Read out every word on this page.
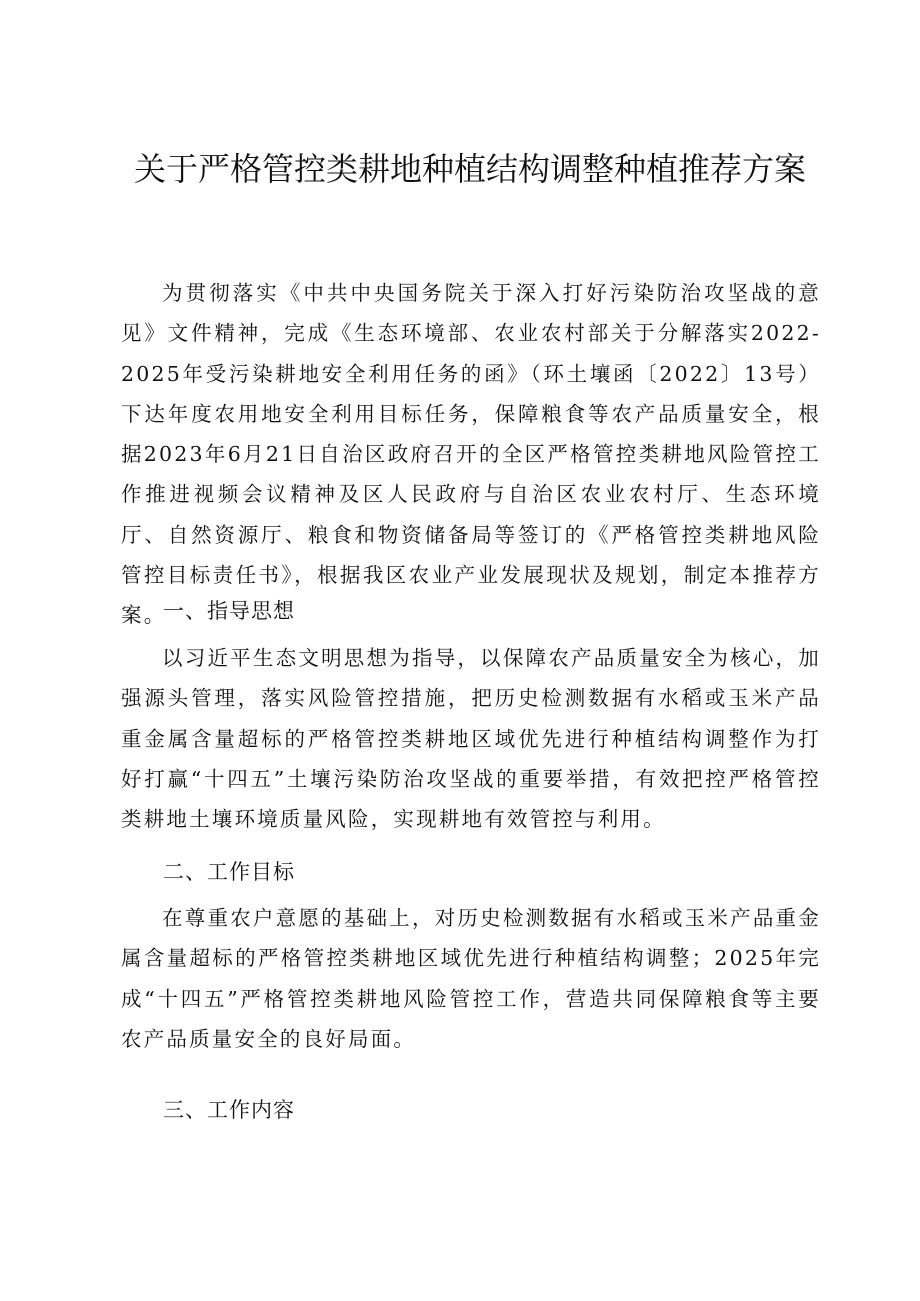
关于严格管控类耕地种植结构调整种植推荐方案

为贯彻落实《中共中央国务院关于深入打好污染防治攻坚战的意见》文件精神，完成《生态环境部、农业农村部关于分解落实2022-2025年受污染耕地安全利用任务的函》（环土壤函〔2022〕13号）下达年度农用地安全利用目标任务，保障粮食等农产品质量安全，根据2023年6月21日自治区政府召开的全区严格管控类耕地风险管控工作推进视频会议精神及区人民政府与自治区农业农村厅、生态环境厅、自然资源厅、粮食和物资储备局等签订的《严格管控类耕地风险管控目标责任书》，根据我区农业产业发展现状及规划，制定本推荐方案。

一、指导思想

以习近平生态文明思想为指导，以保障农产品质量安全为核心，加强源头管理，落实风险管控措施，把历史检测数据有水稻或玉米产品重金属含量超标的严格管控类耕地区域优先进行种植结构调整作为打好打赢“十四五”土壤污染防治攻坚战的重要举措，有效把控严格管控类耕地土壤环境质量风险，实现耕地有效管控与利用。

二、工作目标

在尊重农户意愿的基础上，对历史检测数据有水稻或玉米产品重金属含量超标的严格管控类耕地区域优先进行种植结构调整；2025年完成“十四五”严格管控类耕地风险管控工作，营造共同保障粮食等主要农产品质量安全的良好局面。

三、工作内容
